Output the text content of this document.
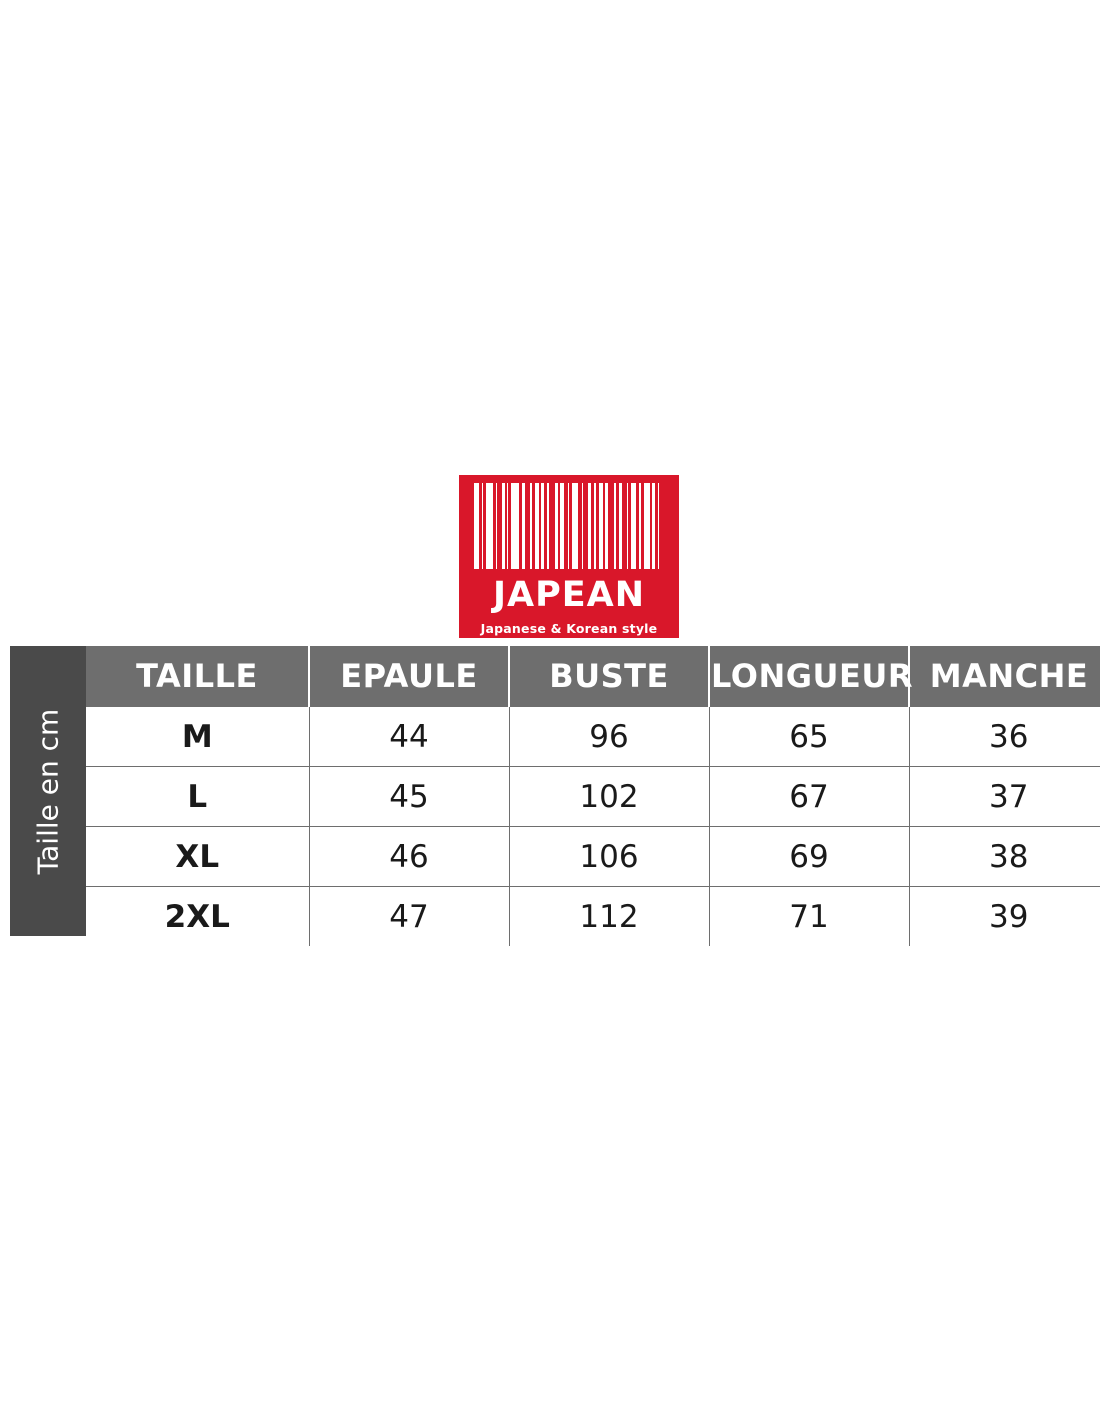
JAPEAN
Japanese & Korean style
Taille en cm
TAILLE	EPAULE	BUSTE	LONGUEUR	MANCHE
M	44	96	65	36
L	45	102	67	37
XL	46	106	69	38
2XL	47	112	71	39
